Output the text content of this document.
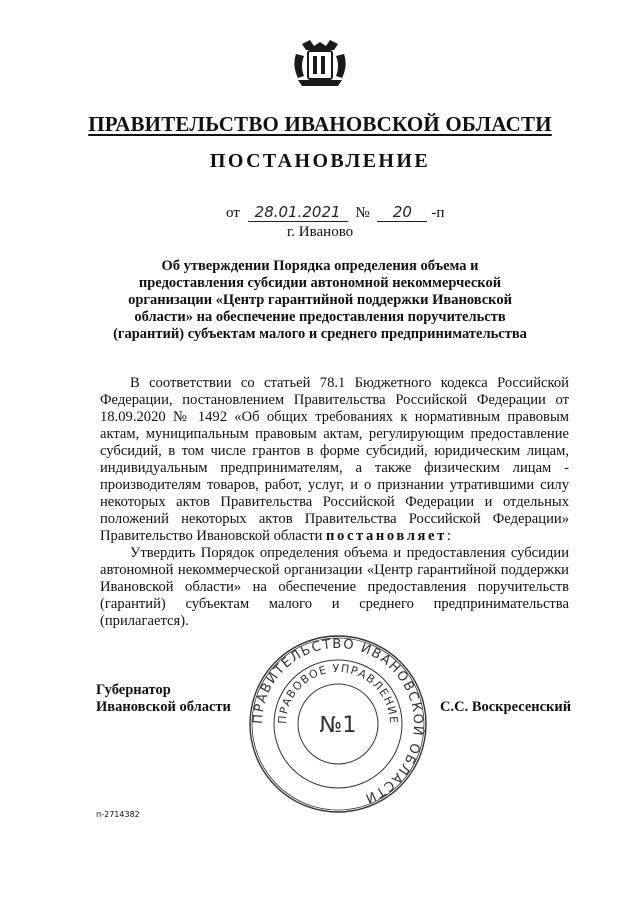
ПРАВИТЕЛЬСТВО ИВАНОВСКОЙ ОБЛАСТИ
ПОСТАНОВЛЕНИЕ
от 28.01.2021 № 20 -п
г. Иваново
Об утверждении Порядка определения объема и предоставления субсидии автономной некоммерческой организации «Центр гарантийной поддержки Ивановской области» на обеспечение предоставления поручительств (гарантий) субъектам малого и среднего предпринимательства

В соответствии со статьей 78.1 Бюджетного кодекса Российской Федерации, постановлением Правительства Российской Федерации от 18.09.2020 № 1492 «Об общих требованиях к нормативным правовым актам, муниципальным правовым актам, регулирующим предоставление субсидий, в том числе грантов в форме субсидий, юридическим лицам, индивидуальным предпринимателям, а также физическим лицам - производителям товаров, работ, услуг, и о признании утратившими силу некоторых актов Правительства Российской Федерации и отдельных положений некоторых актов Правительства Российской Федерации» Правительство Ивановской области постановляет:

Утвердить Порядок определения объема и предоставления субсидии автономной некоммерческой организации «Центр гарантийной поддержки Ивановской области» на обеспечение предоставления поручительств (гарантий) субъектам малого и среднего предпринимательства (прилагается).

ПРАВИТЕЛЬСТВО ИВАНОВСКОЙ ОБЛАСТИ
ПРАВОВОЕ УПРАВЛЕНИЕ
№1
Губернатор
Ивановской области	С.С. Воскресенский
п-2714382
